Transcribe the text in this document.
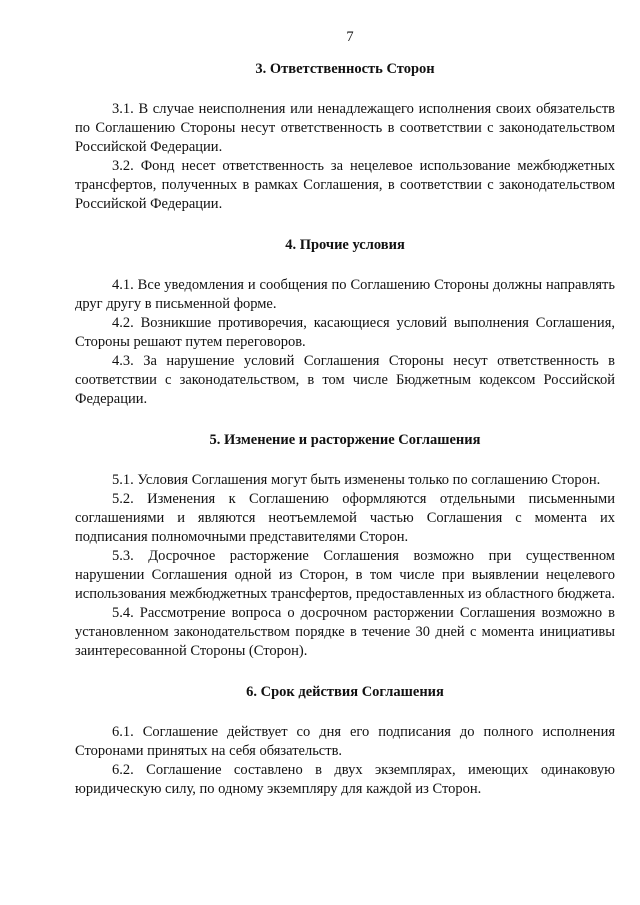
7
3. Ответственность Сторон

3.1. В случае неисполнения или ненадлежащего исполнения своих обязательств по Соглашению Стороны несут ответственность в соответствии с законодательством Российской Федерации.

3.2. Фонд несет ответственность за нецелевое использование межбюджетных трансфертов, полученных в рамках Соглашения, в соответствии с законодательством Российской Федерации.

4. Прочие условия

4.1. Все уведомления и сообщения по Соглашению Стороны должны направлять друг другу в письменной форме.

4.2. Возникшие противоречия, касающиеся условий выполнения Соглашения, Стороны решают путем переговоров.

4.3. За нарушение условий Соглашения Стороны несут ответственность в соответствии с законодательством, в том числе Бюджетным кодексом Российской Федерации.

5. Изменение и расторжение Соглашения

5.1. Условия Соглашения могут быть изменены только по соглашению Сторон.

5.2. Изменения к Соглашению оформляются отдельными письменными соглашениями и являются неотъемлемой частью Соглашения с момента их подписания полномочными представителями Сторон.

5.3. Досрочное расторжение Соглашения возможно при существенном нарушении Соглашения одной из Сторон, в том числе при выявлении нецелевого использования межбюджетных трансфертов, предоставленных из областного бюджета.

5.4. Рассмотрение вопроса о досрочном расторжении Соглашения возможно в установленном законодательством порядке в течение 30 дней с момента инициативы заинтересованной Стороны (Сторон).

6. Срок действия Соглашения

6.1. Соглашение действует со дня его подписания до полного исполнения Сторонами принятых на себя обязательств.

6.2. Соглашение составлено в двух экземплярах, имеющих одинаковую юридическую силу, по одному экземпляру для каждой из Сторон.
